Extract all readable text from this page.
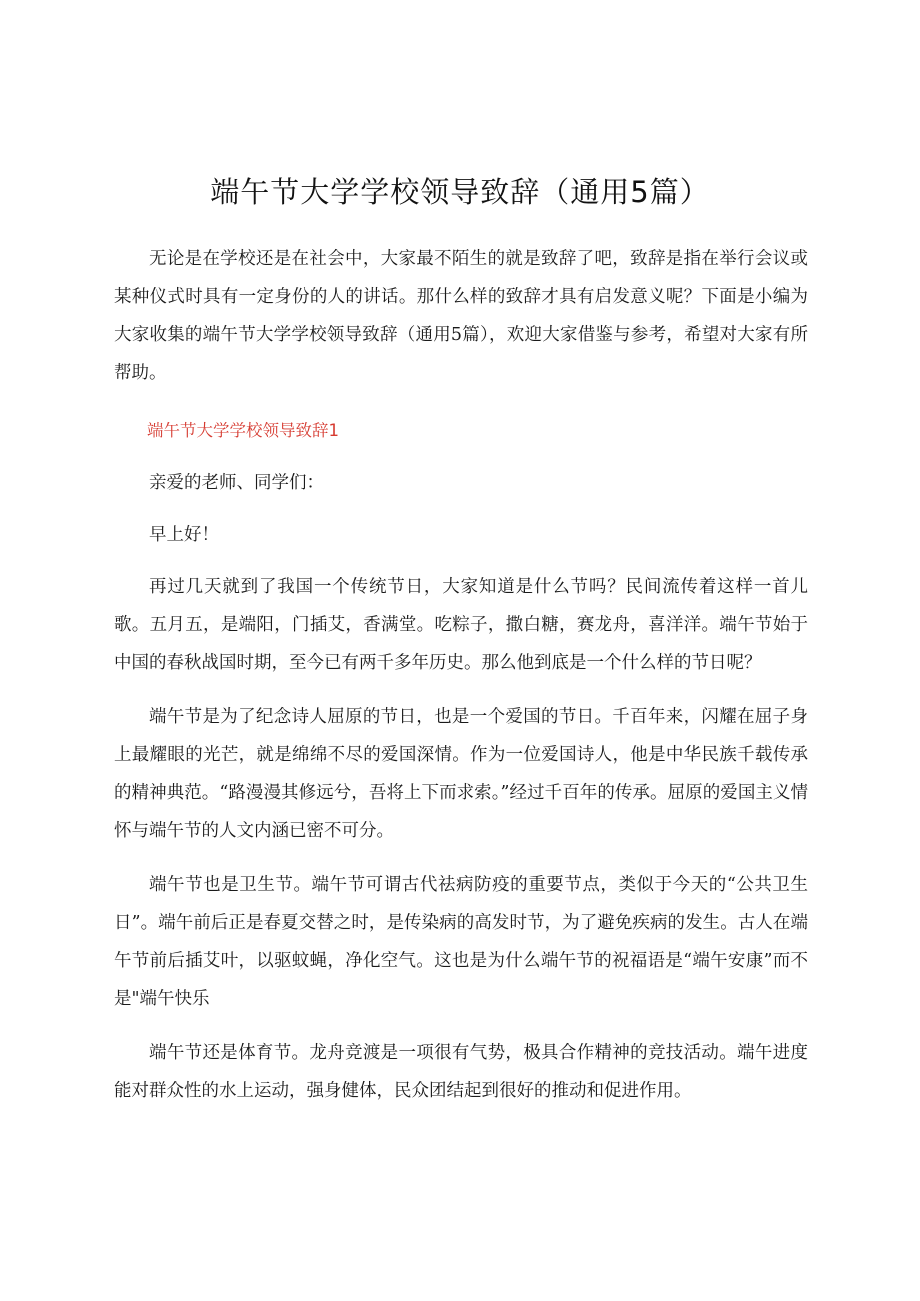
端午节大学学校领导致辞（通用5篇）

无论是在学校还是在社会中，大家最不陌生的就是致辞了吧，致辞是指在举行会议或某种仪式时具有一定身份的人的讲话。那什么样的致辞才具有启发意义呢？下面是小编为大家收集的端午节大学学校领导致辞（通用5篇），欢迎大家借鉴与参考，希望对大家有所帮助。

端午节大学学校领导致辞1

亲爱的老师、同学们：

早上好！

再过几天就到了我国一个传统节日，大家知道是什么节吗？民间流传着这样一首儿歌。五月五，是端阳，门插艾，香满堂。吃粽子，撒白糖，赛龙舟，喜洋洋。端午节始于中国的春秋战国时期，至今已有两千多年历史。那么他到底是一个什么样的节日呢？

端午节是为了纪念诗人屈原的节日，也是一个爱国的节日。千百年来，闪耀在屈子身上最耀眼的光芒，就是绵绵不尽的爱国深情。作为一位爱国诗人，他是中华民族千载传承的精神典范。“路漫漫其修远兮，吾将上下而求索。”经过千百年的传承。屈原的爱国主义情怀与端午节的人文内涵已密不可分。

端午节也是卫生节。端午节可谓古代祛病防疫的重要节点，类似于今天的“公共卫生日”。端午前后正是春夏交替之时，是传染病的高发时节，为了避免疾病的发生。古人在端午节前后插艾叶，以驱蚊蝇，净化空气。这也是为什么端午节的祝福语是“端午安康”而不是"端午快乐

端午节还是体育节。龙舟竞渡是一项很有气势，极具合作精神的竞技活动。端午进度能对群众性的水上运动，强身健体，民众团结起到很好的推动和促进作用。
